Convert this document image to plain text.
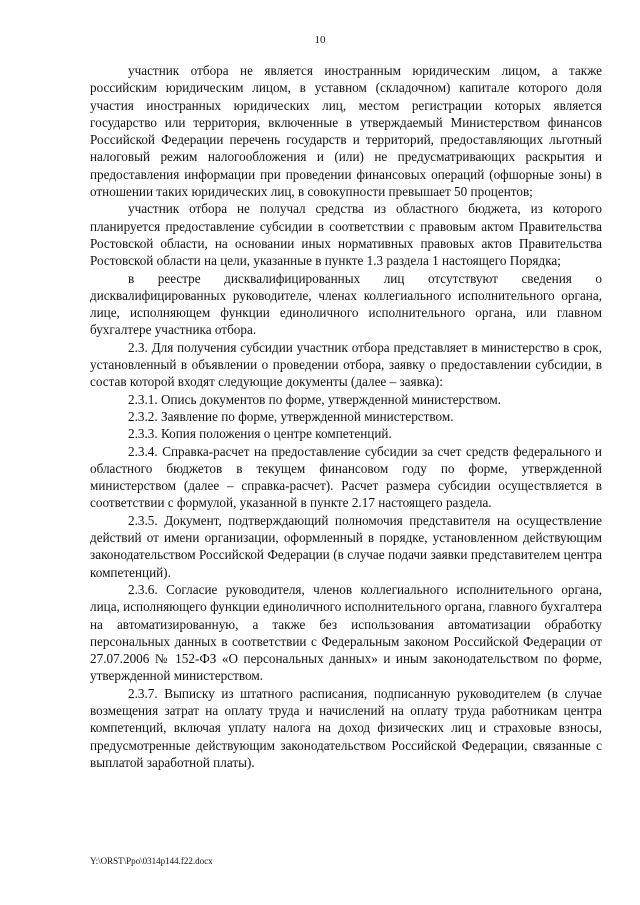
10

участник отбора не является иностранным юридическим лицом, а также российским юридическим лицом, в уставном (складочном) капитале которого доля участия иностранных юридических лиц, местом регистрации которых является государство или территория, включенные в утверждаемый Министерством финансов Российской Федерации перечень государств и территорий, предоставляющих льготный налоговый режим налогообложения и (или) не предусматривающих раскрытия и предоставления информации при проведении финансовых операций (офшорные зоны) в отношении таких юридических лиц, в совокупности превышает 50 процентов;

участник отбора не получал средства из областного бюджета, из которого планируется предоставление субсидии в соответствии с правовым актом Правительства Ростовской области, на основании иных нормативных правовых актов Правительства Ростовской области на цели, указанные в пункте 1.3 раздела 1 настоящего Порядка;

в реестре дисквалифицированных лиц отсутствуют сведения о дисквалифицированных руководителе, членах коллегиального исполнительного органа, лице, исполняющем функции единоличного исполнительного органа, или главном бухгалтере участника отбора.

2.3. Для получения субсидии участник отбора представляет в министерство в срок, установленный в объявлении о проведении отбора, заявку о предоставлении субсидии, в состав которой входят следующие документы (далее – заявка):

2.3.1. Опись документов по форме, утвержденной министерством.

2.3.2. Заявление по форме, утвержденной министерством.

2.3.3. Копия положения о центре компетенций.

2.3.4. Справка-расчет на предоставление субсидии за счет средств федерального и областного бюджетов в текущем финансовом году по форме, утвержденной министерством (далее – справка-расчет). Расчет размера субсидии осуществляется в соответствии с формулой, указанной в пункте 2.17 настоящего раздела.

2.3.5. Документ, подтверждающий полномочия представителя на осуществление действий от имени организации, оформленный в порядке, установленном действующим законодательством Российской Федерации (в случае подачи заявки представителем центра компетенций).

2.3.6. Согласие руководителя, членов коллегиального исполнительного органа, лица, исполняющего функции единоличного исполнительного органа, главного бухгалтера на автоматизированную, а также без использования автоматизации обработку персональных данных в соответствии с Федеральным законом Российской Федерации от 27.07.2006 № 152-ФЗ «О персональных данных» и иным законодательством по форме, утвержденной министерством.

2.3.7. Выписку из штатного расписания, подписанную руководителем (в случае возмещения затрат на оплату труда и начислений на оплату труда работникам центра компетенций, включая уплату налога на доход физических лиц и страховые взносы, предусмотренные действующим законодательством Российской Федерации, связанные с выплатой заработной платы).

Y:\ORST\Ppo\0314p144.f22.docx
